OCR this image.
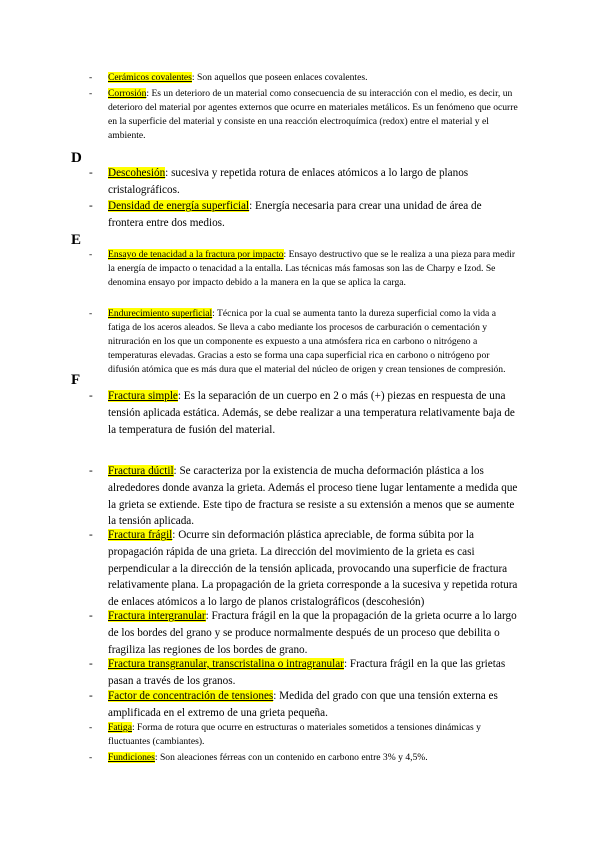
- Cerámicos covalentes: Son aquellos que poseen enlaces covalentes.
- Corrosión: Es un deterioro de un material como consecuencia de su interacción con el medio, es decir, un deterioro del material por agentes externos que ocurre en materiales metálicos. Es un fenómeno que ocurre en la superficie del material y consiste en una reacción electroquímica (redox) entre el material y el ambiente.
D
- Descohesión: sucesiva y repetida rotura de enlaces atómicos a lo largo de planos cristalográficos.
- Densidad de energía superficial: Energía necesaria para crear una unidad de área de frontera entre dos medios.
E
- Ensayo de tenacidad a la fractura por impacto: Ensayo destructivo que se le realiza a una pieza para medir la energía de impacto o tenacidad a la entalla. Las técnicas más famosas son las de Charpy e Izod. Se denomina ensayo por impacto debido a la manera en la que se aplica la carga.
- Endurecimiento superficial: Técnica por la cual se aumenta tanto la dureza superficial como la vida a fatiga de los aceros aleados. Se lleva a cabo mediante los procesos de carburación o cementación y nitruración en los que un componente es expuesto a una atmósfera rica en carbono o nitrógeno a temperaturas elevadas. Gracias a esto se forma una capa superficial rica en carbono o nitrógeno por difusión atómica que es más dura que el material del núcleo de origen y crean tensiones de compresión.
F
- Fractura simple: Es la separación de un cuerpo en 2 o más (+) piezas en respuesta de una tensión aplicada estática. Además, se debe realizar a una temperatura relativamente baja de la temperatura de fusión del material.
- Fractura dúctil: Se caracteriza por la existencia de mucha deformación plástica a los alrededores donde avanza la grieta. Además el proceso tiene lugar lentamente a medida que la grieta se extiende. Este tipo de fractura se resiste a su extensión a menos que se aumente la tensión aplicada.
- Fractura frágil: Ocurre sin deformación plástica apreciable, de forma súbita por la propagación rápida de una grieta. La dirección del movimiento de la grieta es casi perpendicular a la dirección de la tensión aplicada, provocando una superficie de fractura relativamente plana. La propagación de la grieta corresponde a la sucesiva y repetida rotura de enlaces atómicos a lo largo de planos cristalográficos (descohesión)
- Fractura intergranular: Fractura frágil en la que la propagación de la grieta ocurre a lo largo de los bordes del grano y se produce normalmente después de un proceso que debilita o fragiliza las regiones de los bordes de grano.
- Fractura transgranular, transcristalina o intragranular: Fractura frágil en la que las grietas pasan a través de los granos.
- Factor de concentración de tensiones: Medida del grado con que una tensión externa es amplificada en el extremo de una grieta pequeña.
- Fatiga: Forma de rotura que ocurre en estructuras o materiales sometidos a tensiones dinámicas y fluctuantes (cambiantes).
- Fundiciones: Son aleaciones férreas con un contenido en carbono entre 3% y 4,5%.
